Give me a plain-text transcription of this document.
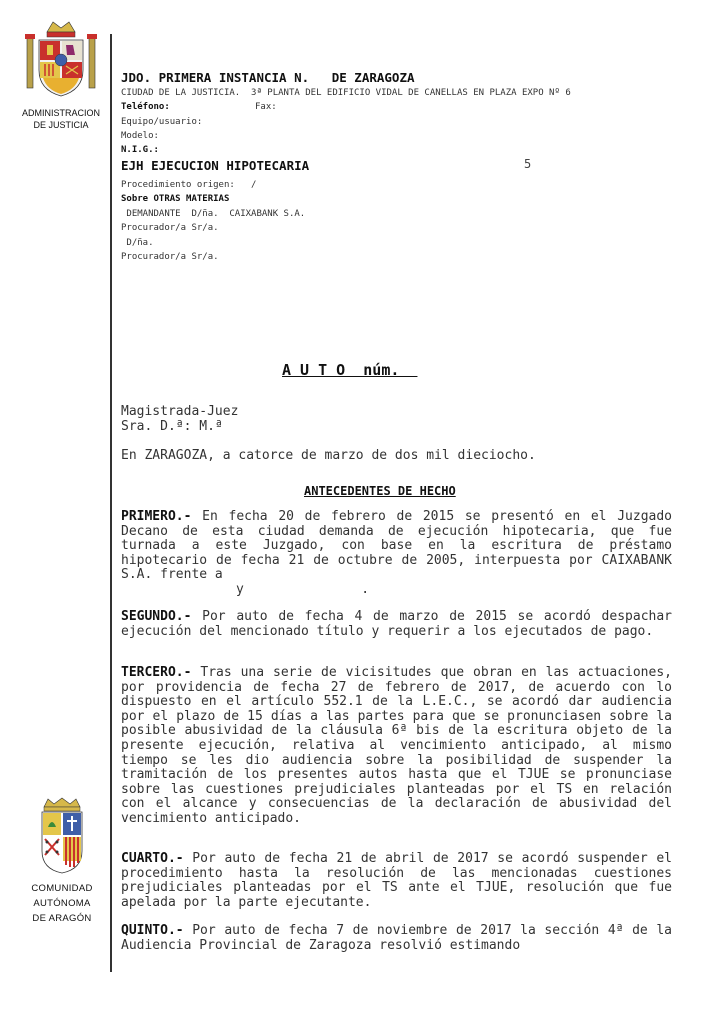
ADMINISTRACION
DE JUSTICIA
COMUNIDAD
AUTÓNOMA
DE ARAGÓN
JDO. PRIMERA INSTANCIA N.   DE ZARAGOZA
CIUDAD DE LA JUSTICIA.  3ª PLANTA DEL EDIFICIO VIDAL DE CANELLAS EN PLAZA EXPO Nº 6
Teléfono:	Fax:
Equipo/usuario:
Modelo:
N.I.G.:
EJH EJECUCION HIPOTECARIA	5
Procedimiento origen:   /
Sobre OTRAS MATERIAS
DEMANDANTE  D/ña.  CAIXABANK S.A.
Procurador/a Sr/a.
D/ña.
Procurador/a Sr/a.
A U T O  núm.
Magistrada-Juez
Sra. D.ª: M.ª
En ZARAGOZA, a catorce de marzo de dos mil dieciocho.
ANTECEDENTES DE HECHO
PRIMERO.- En fecha 20 de febrero de 2015 se presentó en el Juzgado Decano de esta ciudad demanda de ejecución hipotecaria, que fue turnada a este Juzgado, con base en la escritura de préstamo hipotecario de fecha 21 de octubre de 2005, interpuesta por CAIXABANK S.A. frente a
y               .
SEGUNDO.- Por auto de fecha 4 de marzo de 2015 se acordó despachar ejecución del mencionado título y requerir a los ejecutados de pago.
TERCERO.- Tras una serie de vicisitudes que obran en las actuaciones, por providencia de fecha 27 de febrero de 2017, de acuerdo con lo dispuesto en el artículo 552.1 de la L.E.C., se acordó dar audiencia por el plazo de 15 días a las partes para que se pronunciasen sobre la posible abusividad de la cláusula 6ª bis de la escritura objeto de la presente ejecución, relativa al vencimiento anticipado, al mismo tiempo se les dio audiencia sobre la posibilidad de suspender la tramitación de los presentes autos hasta que el TJUE se pronunciase sobre las cuestiones prejudiciales planteadas por el TS en relación con el alcance y consecuencias de la declaración de abusividad del vencimiento anticipado.
CUARTO.- Por auto de fecha 21 de abril de 2017 se acordó suspender el procedimiento hasta la resolución de las mencionadas cuestiones prejudiciales planteadas por el TS ante el TJUE, resolución que fue apelada por la parte ejecutante.
QUINTO.- Por auto de fecha 7 de noviembre de 2017 la sección 4ª de la Audiencia Provincial de Zaragoza resolvió estimando
